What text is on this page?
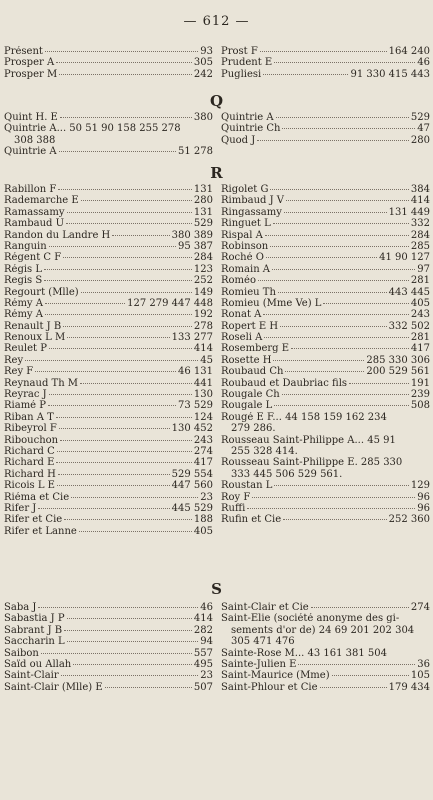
— 612 —
Présent	93
Prosper A	305
Prosper M	242
Prost F	164 240
Prudent E	46
Pugliesi	91 330 415 443
Q
Quint H. E	380
Quintrie A... 50 51 90 158 255 278
308 388
Quintrie A	51 278
Quintrie A	529
Quintrie Ch	47
Quod J	280
R
Rabillon F	131
Rademarche E	280
Ramassamy	131
Rambaud U	529
Randon du Landre H	380 389
Ranguin	95 387
Régent C F	284
Régis L	123
Regis S	252
Regourt (Mlle)	149
Rémy A	127 279 447 448
Rémy A	192
Renault J B	278
Renoux L M	133 277
Reulet P	414
Rey	45
Rey F	46 131
Reynaud Th M	441
Reyrac J	130
Riamé P	73 529
Riban A T	124
Ribeyrol F	130 452
Ribouchon	243
Richard C	274
Richard E	417
Richard H	529 554
Ricois L E	447 560
Riéma et Cie	23
Rifer J	445 529
Rifer et Cie	188
Rifer et Lanne	405
Rigolet G	384
Rimbaud J V	414
Ringassamy	131 449
Ringuet L	332
Rispal A	284
Robinson	285
Roché O	41 90 127
Romain A	97
Roméo	281
Romieu Th	443 445
Romieu (Mme Ve) L	405
Ronat A	243
Ropert E H	332 502
Roseli A	281
Rosemberg E	417
Rosette H	285 330 306
Roubaud Ch	200 529 561
Roubaud et Daubriac fils	191
Rougale Ch	239
Rougale L	508
Rougé E F... 44 158 159 162 234
279 286.
Rousseau Saint-Philippe A... 45 91
255 328 414.
Rousseau Saint-Philippe E. 285 330
333 445 506 529 561.
Roustan L	129
Roy F	96
Ruffi	96
Rufin et Cie	252 360
S
Saba J	46
Sabastia J P	414
Sabrant J B	282
Saccharin L	94
Saibon	557
Saïd ou Allah	495
Saint-Clair	23
Saint-Clair (Mlle) E	507
Saint-Clair et Cie	274
Saint-Elie (société anonyme des gi-
sements d'or de) 24 69 201 202 304
305 471 476
Sainte-Rose M... 43 161 381 504
Sainte-Julien E	36
Saint-Maurice (Mme)	105
Saint-Phlour et Cie	179 434
